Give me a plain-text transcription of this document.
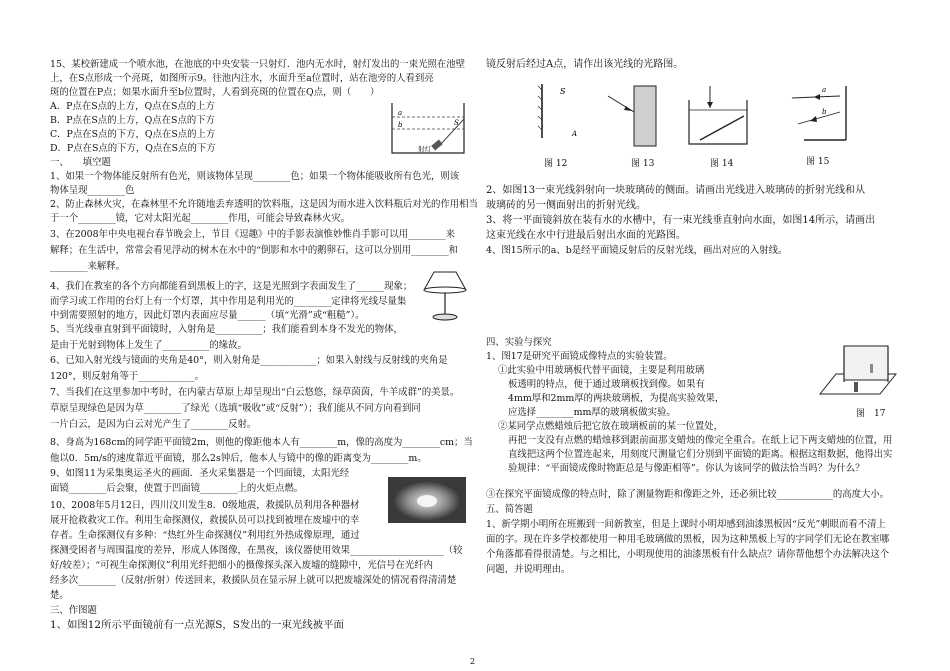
15、某校新建成一个喷水池，在池底的中央安装一只射灯．池内无水时，射灯发出的一束光照在池壁
上，在S点形成一个亮斑，如图所示9。往池内注水，水面升至a位置时，站在池旁的人看到亮
斑的位置在P点；如果水面升至b位置时，人看到亮斑的位置在Q点，则（　　）
A．P点在S点的上方，Q点在S点的上方
B．P点在S点的上方，Q点在S点的下方
C．P点在S点的下方，Q点在S点的上方
D．P点在S点的下方，Q点在S点的下方
一、　　填空题
1、如果一个物体能反射所有色光，则该物体呈现________色；如果一个物体能吸收所有色光，则该
物体呈现________色
2、防止森林火灾，在森林里不允许随地丢弃透明的饮料瓶，这是因为雨水进入饮料瓶后对光的作用相当
于一个________镜，它对太阳光起________作用，可能会导致森林火灾。
3、在2008年中央电视台春节晚会上，节目《逗趣》中的手影表演惟妙惟肖手影可以用________来
解释；在生活中，常常会看见浮动的树木在水中的“倒影和水中的鹅卵石，这可以分别用________和
________来解释。
4、我们在教室的各个方向都能看到黑板上的字，这是光照到字表面发生了______现象；
而学习或工作用的台灯上有一个灯罩，其中作用是利用光的________定律将光线尽量集
中到需要照射的地方，因此灯罩内表面应尽量______（填“光滑”或“粗糙”）。
5、当光线垂直射到平面镜时，入射角是__________；我们能看到本身不发光的物体，
是由于光射到物体上发生了__________的缘故。
6、已知入射光线与镜面的夹角是40°，则入射角是____________；如果入射线与反射线的夹角是
120°，则反射角等于____________。
7、当我们在这里参加中考时，在内蒙古草原上却呈现出“白云悠悠，绿草茵茵，牛羊成群”的美景。
草原呈现绿色是因为草________了绿光（选填“吸收”或“反射”）；我们能从不同方向看到同
一片白云，是因为白云对光产生了________反射。
8、身高为168cm的同学距平面镜2m，则他的像距他本人有________m，像的高度为________cm；当
他以0．5m/s的速度靠近平面镜，那么2s钟后，他本人与镜中的像的距离变为________m。
9、如图11为采集奥运圣火的画面．圣火采集器是一个凹面镜，太阳光经
面镜________后会聚，使置于凹面镜________上的火炬点燃。
10、2008年5月12日，四川汶川发生8．0级地震，救援队员利用各种器材
展开抢救救灾工作。利用生命探测仪，救援队员可以找到被埋在废墟中的幸
存者。生命探测仪有多种：“热红外生命探测仪”利用红外热成像原理，通过
探测受困者与周围温度的差异，形成人体图像，在黑夜，该仪器使用效果____________________（较
好/较差）；“可视生命探测仪”利用光纤把细小的摄像探头深入废墟的缝隙中，光信号在光纤内
经多次________（反射/折射）传送回来，救援队员在显示屏上就可以把废墟深处的情况看得清清楚
楚。
三、作图题
1、如图12所示平面镜前有一点光源S，S发出的一束光线被平面
a
b	S
射灯
镜反射后经过A点，请作出该光线的光路图。
S
A
a
b
图 12	图 13	图 14	图 15
2、如图13一束光线斜射向一块玻璃砖的侧面。请画出光线进入玻璃砖的折射光线和从
玻璃砖的另一侧面射出的折射光线。
3、将一平面镜斜放在装有水的水槽中，有一束光线垂直射向水面，如图14所示，请画出
这束光线在水中行进最后射出水面的光路图。
4、图15所示的a、b是经平面镜反射后的反射光线，画出对应的入射线。
四、实验与探究
1、图17是研究平面镜成像特点的实验装置。
①此实验中用玻璃板代替平面镜，主要是利用玻璃
板透明的特点，便于通过玻璃板找到像。如果有
4mm厚和2mm厚的两块玻璃板，为提高实验效果，
应选择________mm厚的玻璃板做实验。
②某同学点燃蜡烛后把它放在玻璃板前的某一位置处，
再把一支没有点燃的蜡烛移到跟前面那支蜡烛的像完全重合。在纸上记下两支蜡烛的位置，用
直线把这两个位置连起来，用刻度尺测量它们分别到平面镜的距离。根据这组数据，他得出实
验规律：“平面镜成像时物距总是与像距相等”。你认为该同学的做法恰当吗？为什么？
图　17
③在探究平面镜成像的特点时，除了测量物距和像距之外，还必须比较____________的高度大小。
五、简答题
1、新学期小明所在班搬到一间新教室，但是上课时小明却感到油漆黑板因“反光”刺眼而看不清上
面的字。现在许多学校都使用一种用毛玻璃做的黑板，因为这种黑板上写的字同学们无论在教室哪
个角落都看得很清楚。与之相比，小明现使用的油漆黑板有什么缺点？请你帮他想个办法解决这个
问题，并说明理由。
2
